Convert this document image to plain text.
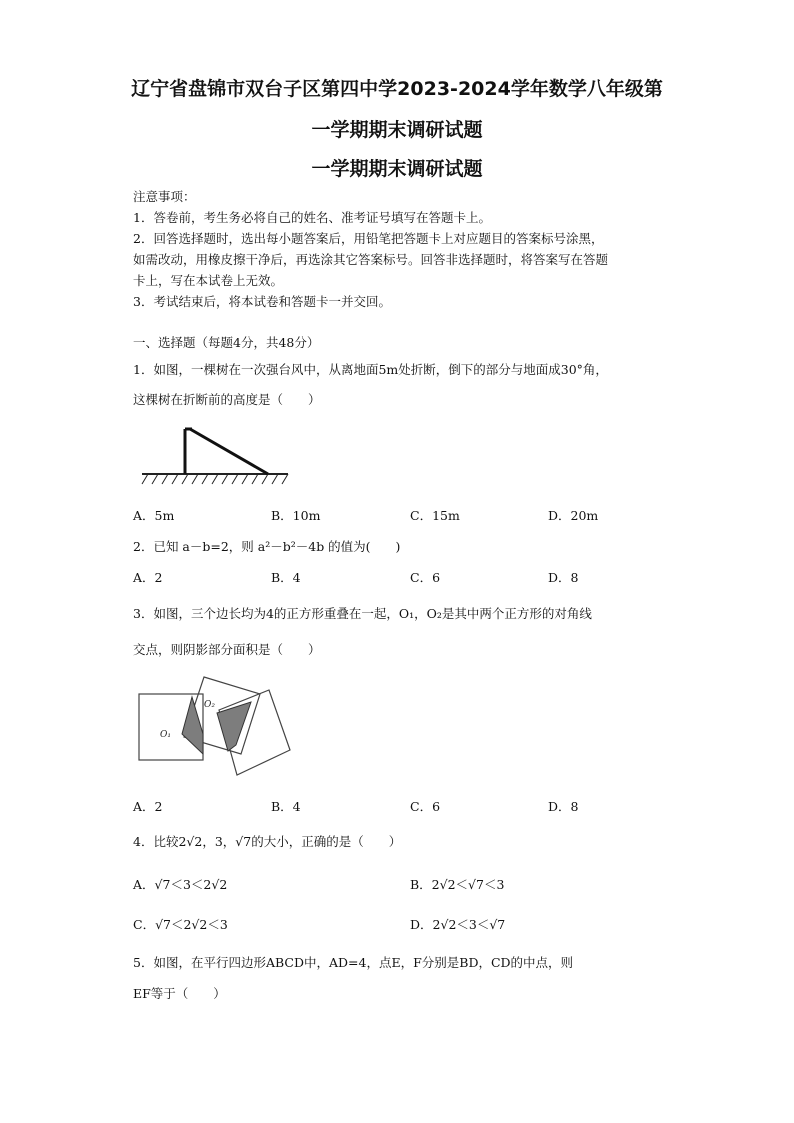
辽宁省盘锦市双台子区第四中学2023-2024学年数学八年级第
一学期期末调研试题
一学期期末调研试题
注意事项：
1．答卷前，考生务必将自己的姓名、准考证号填写在答题卡上。
2．回答选择题时，选出每小题答案后，用铅笔把答题卡上对应题目的答案标号涂黑，
如需改动，用橡皮擦干净后，再选涂其它答案标号。回答非选择题时，将答案写在答题
卡上，写在本试卷上无效。
3．考试结束后，将本试卷和答题卡一并交回。
一、选择题（每题4分，共48分）
1．如图，一棵树在一次强台风中，从离地面5m处折断，倒下的部分与地面成30°角，
这棵树在折断前的高度是（　　）
A．5m	B．10m	C．15m	D．20m
2．已知 a－b=2，则 a²－b²－4b 的值为(　　)
A．2	B．4	C．6	D．8
3．如图，三个边长均为4的正方形重叠在一起，O₁，O₂是其中两个正方形的对角线
交点，则阴影部分面积是（　　）
O₁
O₂
A．2	B．4	C．6	D．8
4．比较2√2，3，√7的大小，正确的是（　　）
A．√7＜3＜2√2	B．2√2＜√7＜3
C．√7＜2√2＜3	D．2√2＜3＜√7
5．如图，在平行四边形ABCD中，AD=4，点E，F分别是BD，CD的中点，则
EF等于（　　）
